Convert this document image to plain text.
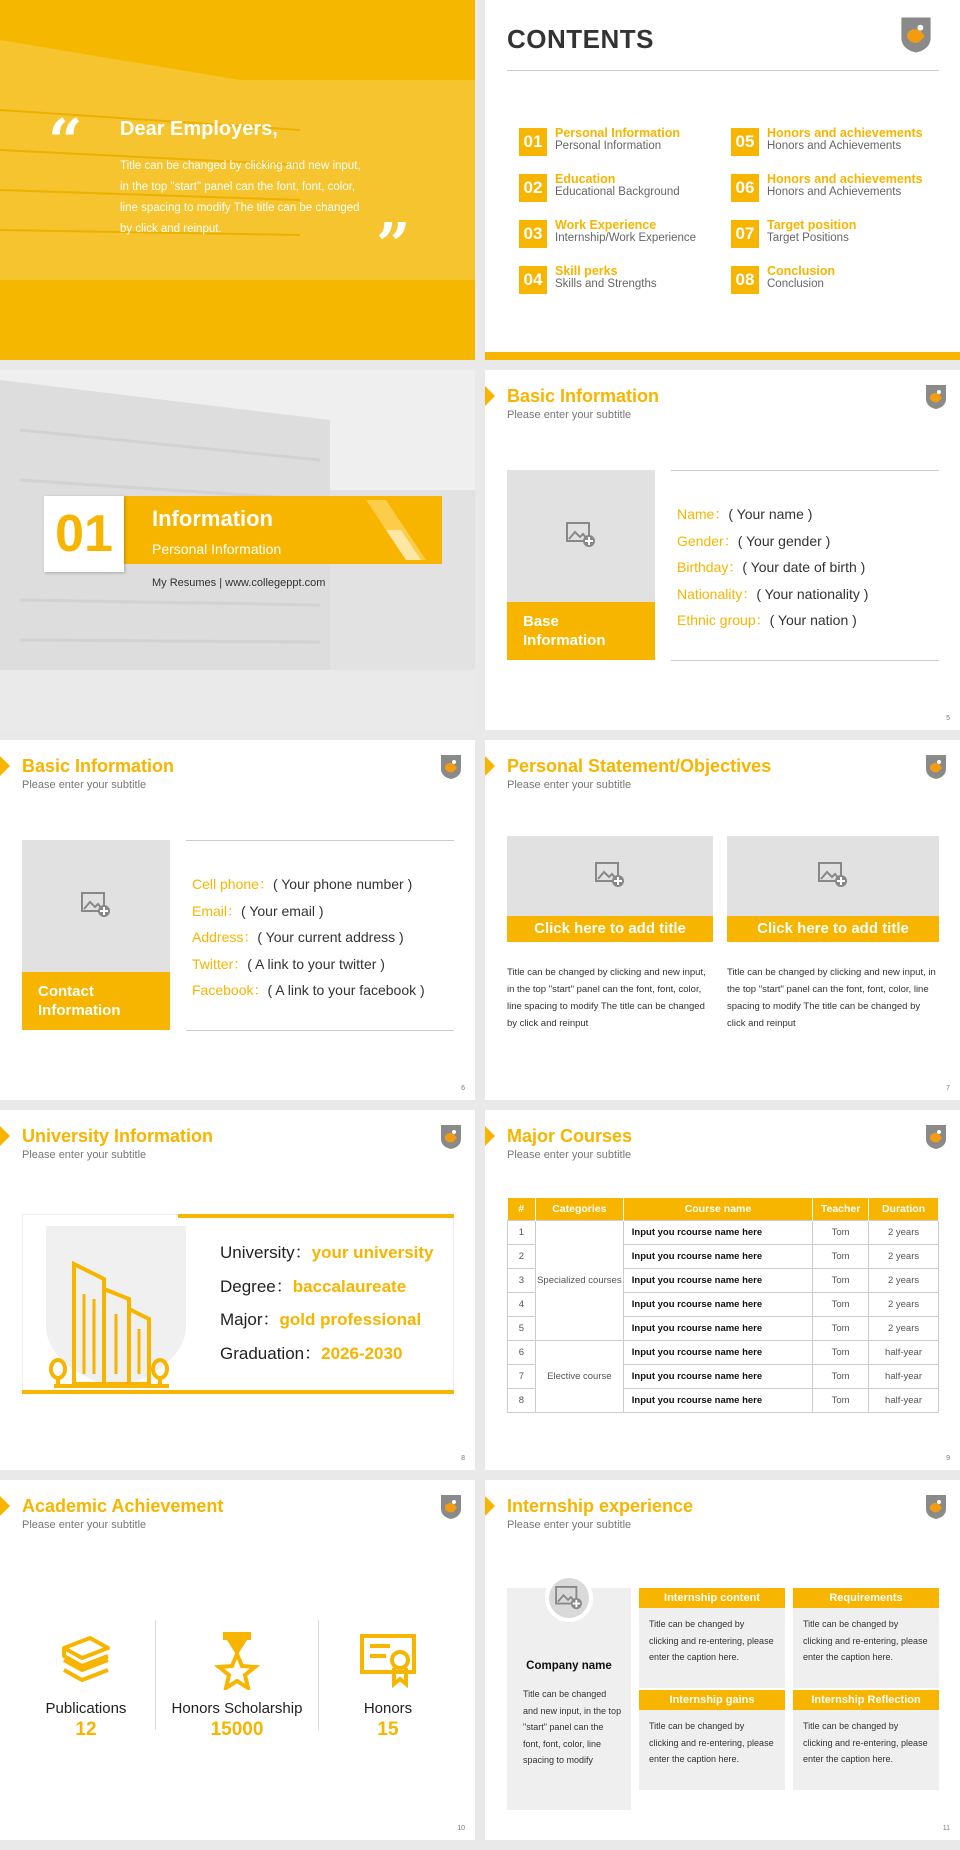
“ Dear Employers,
Title can be changed by clicking and new input, in the top "start" panel can the font, font, color, line spacing to modify The title can be changed by click and reinput.	”
CONTENTS
01	Personal Information
Personal Information
02	Education
Educational Background
03	Work Experience
Internship/Work Experience
04	Skill perks
Skills and Strengths
05	Honors and achievements
Honors and Achievements
06	Honors and achievements
Honors and Achievements
07	Target position
Target Positions
08	Conclusion
Conclusion
01	Information
Personal Information
My Resumes | www.collegeppt.com
Basic Information
Please enter your subtitle
Base Information
Name：( Your name )
Gender：( Your gender )
Birthday：( Your date of birth )
Nationality：( Your nationality )
Ethnic group：( Your nation )
5
Basic Information
Please enter your subtitle
Contact Information
Cell phone：( Your phone number )
Email：( Your email )
Address：( Your current address )
Twitter：( A link to your twitter )
Facebook：( A link to your facebook )
6
Personal Statement/Objectives
Please enter your subtitle
Click here to add title	Click here to add title
Title can be changed by clicking and new input, in the top "start" panel can the font, font, color, line spacing to modify The title can be changed by click and reinput
Title can be changed by clicking and new input, in the top "start" panel can the font, font, color, line spacing to modify The title can be changed by click and reinput
7
University Information
Please enter your subtitle
University：your university
Degree：baccalaureate
Major：gold professional
Graduation：2026-2030
8
Major Courses
Please enter your subtitle
#	Categories	Course name	Teacher	Duration
1	Specialized courses	Input you rcourse name here	Tom	2 years
2		Input you rcourse name here	Tom	2 years
3		Input you rcourse name here	Tom	2 years
4		Input you rcourse name here	Tom	2 years
5		Input you rcourse name here	Tom	2 years
6	Elective course	Input you rcourse name here	Tom	half-year
7		Input you rcourse name here	Tom	half-year
8		Input you rcourse name here	Tom	half-year
9
Academic Achievement
Please enter your subtitle
Publications
12
Honors Scholarship
15000
Honors
15
10
Internship experience
Please enter your subtitle
Company name
Title can be changed and new input, in the top "start" panel can the font, font, color, line spacing to modify
Internship content
Title can be changed by clicking and re-entering, please enter the caption here.
Requirements
Title can be changed by clicking and re-entering, please enter the caption here.
Internship gains
Title can be changed by clicking and re-entering, please enter the caption here.
Internship Reflection
Title can be changed by clicking and re-entering, please enter the caption here.
11
